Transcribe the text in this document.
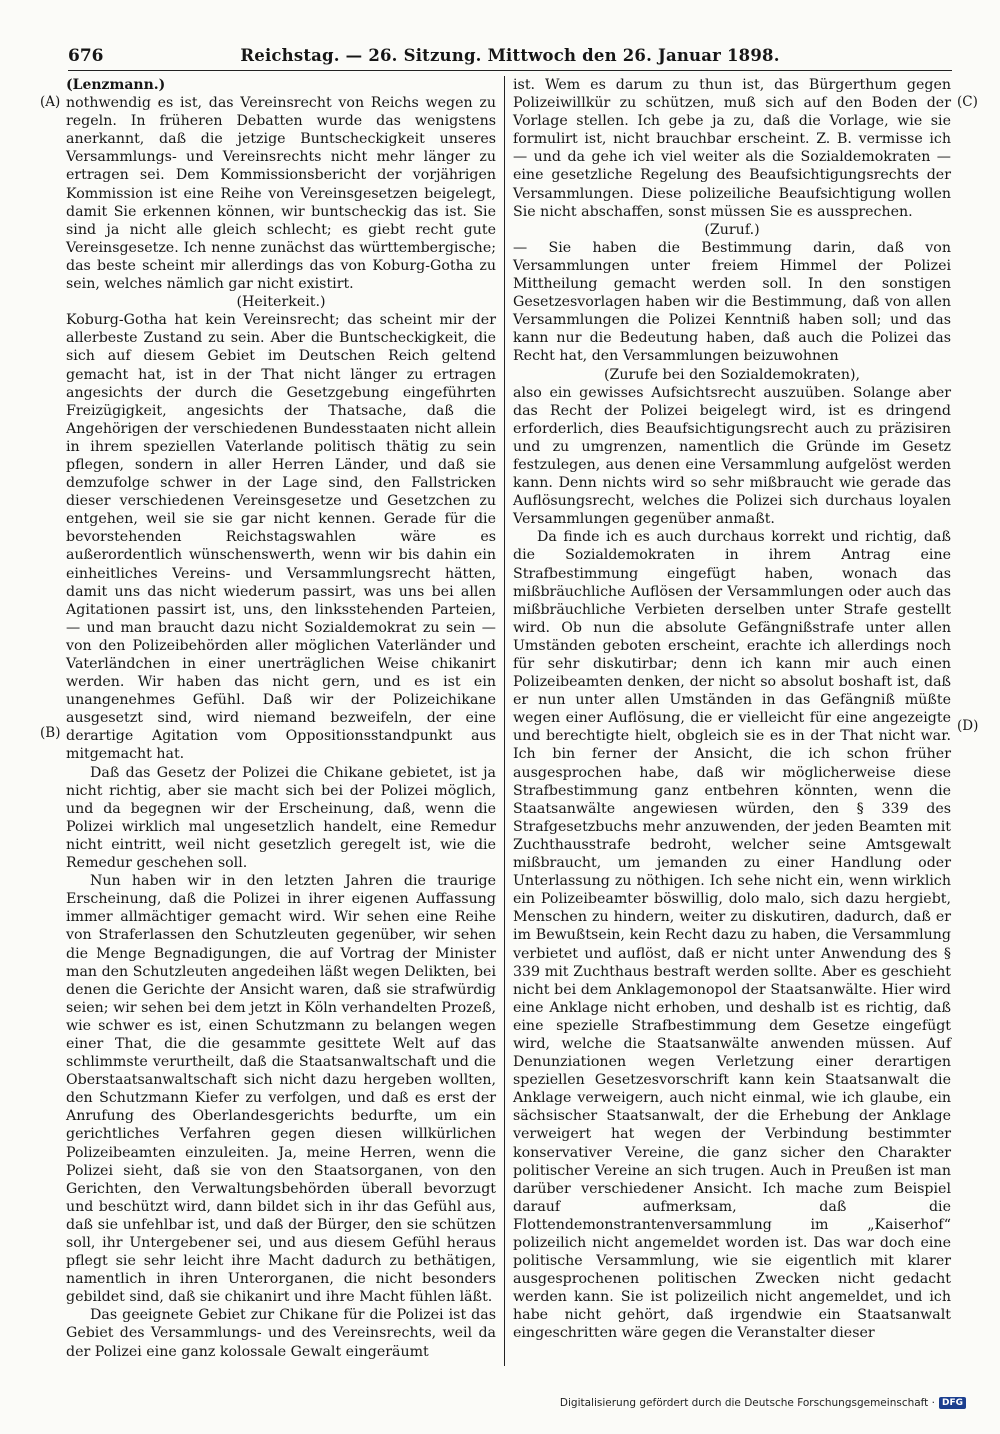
676	Reichstag. — 26. Sitzung. Mittwoch den 26. Januar 1898.
(A)
(B)
(C)
(D)

(Lenzmann.)

nothwendig es ist, das Vereinsrecht von Reichs wegen zu regeln. In früheren Debatten wurde das wenigstens anerkannt, daß die jetzige Buntscheckigkeit unseres Versammlungs- und Vereinsrechts nicht mehr länger zu ertragen sei. Dem Kommissionsbericht der vorjährigen Kommission ist eine Reihe von Vereinsgesetzen beigelegt, damit Sie erkennen können, wir buntscheckig das ist. Sie sind ja nicht alle gleich schlecht; es giebt recht gute Vereinsgesetze. Ich nenne zunächst das württembergische; das beste scheint mir allerdings das von Koburg-Gotha zu sein, welches nämlich gar nicht existirt.

(Heiterkeit.)

Koburg-Gotha hat kein Vereinsrecht; das scheint mir der allerbeste Zustand zu sein. Aber die Buntscheckigkeit, die sich auf diesem Gebiet im Deutschen Reich geltend gemacht hat, ist in der That nicht länger zu ertragen angesichts der durch die Gesetzgebung eingeführten Freizügigkeit, angesichts der Thatsache, daß die Angehörigen der verschiedenen Bundesstaaten nicht allein in ihrem speziellen Vaterlande politisch thätig zu sein pflegen, sondern in aller Herren Länder, und daß sie demzufolge schwer in der Lage sind, den Fallstricken dieser verschiedenen Vereinsgesetze und Gesetzchen zu entgehen, weil sie sie gar nicht kennen. Gerade für die bevorstehenden Reichstagswahlen wäre es außerordentlich wünschenswerth, wenn wir bis dahin ein einheitliches Vereins- und Versammlungsrecht hätten, damit uns das nicht wiederum passirt, was uns bei allen Agitationen passirt ist, uns, den linksstehenden Parteien, — und man braucht dazu nicht Sozialdemokrat zu sein — von den Polizeibehörden aller möglichen Vaterländer und Vaterländchen in einer unerträglichen Weise chikanirt werden. Wir haben das nicht gern, und es ist ein unangenehmes Gefühl. Daß wir der Polizeichikane ausgesetzt sind, wird niemand bezweifeln, der eine derartige Agitation vom Oppositionsstandpunkt aus mitgemacht hat.

Daß das Gesetz der Polizei die Chikane gebietet, ist ja nicht richtig, aber sie macht sich bei der Polizei möglich, und da begegnen wir der Erscheinung, daß, wenn die Polizei wirklich mal ungesetzlich handelt, eine Remedur nicht eintritt, weil nicht gesetzlich geregelt ist, wie die Remedur geschehen soll.

Nun haben wir in den letzten Jahren die traurige Erscheinung, daß die Polizei in ihrer eigenen Auffassung immer allmächtiger gemacht wird. Wir sehen eine Reihe von Straferlassen den Schutzleuten gegenüber, wir sehen die Menge Begnadigungen, die auf Vortrag der Minister man den Schutzleuten angedeihen läßt wegen Delikten, bei denen die Gerichte der Ansicht waren, daß sie strafwürdig seien; wir sehen bei dem jetzt in Köln verhandelten Prozeß, wie schwer es ist, einen Schutzmann zu belangen wegen einer That, die die gesammte gesittete Welt auf das schlimmste verurtheilt, daß die Staatsanwaltschaft und die Oberstaatsanwaltschaft sich nicht dazu hergeben wollten, den Schutzmann Kiefer zu verfolgen, und daß es erst der Anrufung des Oberlandesgerichts bedurfte, um ein gerichtliches Verfahren gegen diesen willkürlichen Polizeibeamten einzuleiten. Ja, meine Herren, wenn die Polizei sieht, daß sie von den Staatsorganen, von den Gerichten, den Verwaltungsbehörden überall bevorzugt und beschützt wird, dann bildet sich in ihr das Gefühl aus, daß sie unfehlbar ist, und daß der Bürger, den sie schützen soll, ihr Untergebener sei, und aus diesem Gefühl heraus pflegt sie sehr leicht ihre Macht dadurch zu bethätigen, namentlich in ihren Unterorganen, die nicht besonders gebildet sind, daß sie chikanirt und ihre Macht fühlen läßt.

Das geeignete Gebiet zur Chikane für die Polizei ist das Gebiet des Versammlungs- und des Vereinsrechts, weil da der Polizei eine ganz kolossale Gewalt eingeräumt

ist. Wem es darum zu thun ist, das Bürgerthum gegen Polizeiwillkür zu schützen, muß sich auf den Boden der Vorlage stellen. Ich gebe ja zu, daß die Vorlage, wie sie formulirt ist, nicht brauchbar erscheint. Z. B. vermisse ich — und da gehe ich viel weiter als die Sozialdemokraten — eine gesetzliche Regelung des Beaufsichtigungsrechts der Versammlungen. Diese polizeiliche Beaufsichtigung wollen Sie nicht abschaffen, sonst müssen Sie es aussprechen.

(Zuruf.)

— Sie haben die Bestimmung darin, daß von Versammlungen unter freiem Himmel der Polizei Mittheilung gemacht werden soll. In den sonstigen Gesetzesvorlagen haben wir die Bestimmung, daß von allen Versammlungen die Polizei Kenntniß haben soll; und das kann nur die Bedeutung haben, daß auch die Polizei das Recht hat, den Versammlungen beizuwohnen

(Zurufe bei den Sozialdemokraten),

also ein gewisses Aufsichtsrecht auszuüben. Solange aber das Recht der Polizei beigelegt wird, ist es dringend erforderlich, dies Beaufsichtigungsrecht auch zu präzisiren und zu umgrenzen, namentlich die Gründe im Gesetz festzulegen, aus denen eine Versammlung aufgelöst werden kann. Denn nichts wird so sehr mißbraucht wie gerade das Auflösungsrecht, welches die Polizei sich durchaus loyalen Versammlungen gegenüber anmaßt.

Da finde ich es auch durchaus korrekt und richtig, daß die Sozialdemokraten in ihrem Antrag eine Strafbestimmung eingefügt haben, wonach das mißbräuchliche Auflösen der Versammlungen oder auch das mißbräuchliche Verbieten derselben unter Strafe gestellt wird. Ob nun die absolute Gefängnißstrafe unter allen Umständen geboten erscheint, erachte ich allerdings noch für sehr diskutirbar; denn ich kann mir auch einen Polizeibeamten denken, der nicht so absolut boshaft ist, daß er nun unter allen Umständen in das Gefängniß müßte wegen einer Auflösung, die er vielleicht für eine angezeigte und berechtigte hielt, obgleich sie es in der That nicht war. Ich bin ferner der Ansicht, die ich schon früher ausgesprochen habe, daß wir möglicherweise diese Strafbestimmung ganz entbehren könnten, wenn die Staatsanwälte angewiesen würden, den § 339 des Strafgesetzbuchs mehr anzuwenden, der jeden Beamten mit Zuchthausstrafe bedroht, welcher seine Amtsgewalt mißbraucht, um jemanden zu einer Handlung oder Unterlassung zu nöthigen. Ich sehe nicht ein, wenn wirklich ein Polizeibeamter böswillig, dolo malo, sich dazu hergiebt, Menschen zu hindern, weiter zu diskutiren, dadurch, daß er im Bewußtsein, kein Recht dazu zu haben, die Versammlung verbietet und auflöst, daß er nicht unter Anwendung des § 339 mit Zuchthaus bestraft werden sollte. Aber es geschieht nicht bei dem Anklagemonopol der Staatsanwälte. Hier wird eine Anklage nicht erhoben, und deshalb ist es richtig, daß eine spezielle Strafbestimmung dem Gesetze eingefügt wird, welche die Staatsanwälte anwenden müssen. Auf Denunziationen wegen Verletzung einer derartigen speziellen Gesetzesvorschrift kann kein Staatsanwalt die Anklage verweigern, auch nicht einmal, wie ich glaube, ein sächsischer Staatsanwalt, der die Erhebung der Anklage verweigert hat wegen der Verbindung bestimmter konservativer Vereine, die ganz sicher den Charakter politischer Vereine an sich trugen. Auch in Preußen ist man darüber verschiedener Ansicht. Ich mache zum Beispiel darauf aufmerksam, daß die Flottendemonstrantenversammlung im „Kaiserhof“ polizeilich nicht angemeldet worden ist. Das war doch eine politische Versammlung, wie sie eigentlich mit klarer ausgesprochenen politischen Zwecken nicht gedacht werden kann. Sie ist polizeilich nicht angemeldet, und ich habe nicht gehört, daß irgendwie ein Staatsanwalt eingeschritten wäre gegen die Veranstalter dieser

Digitalisierung gefördert durch die Deutsche Forschungsgemeinschaft · DFG
